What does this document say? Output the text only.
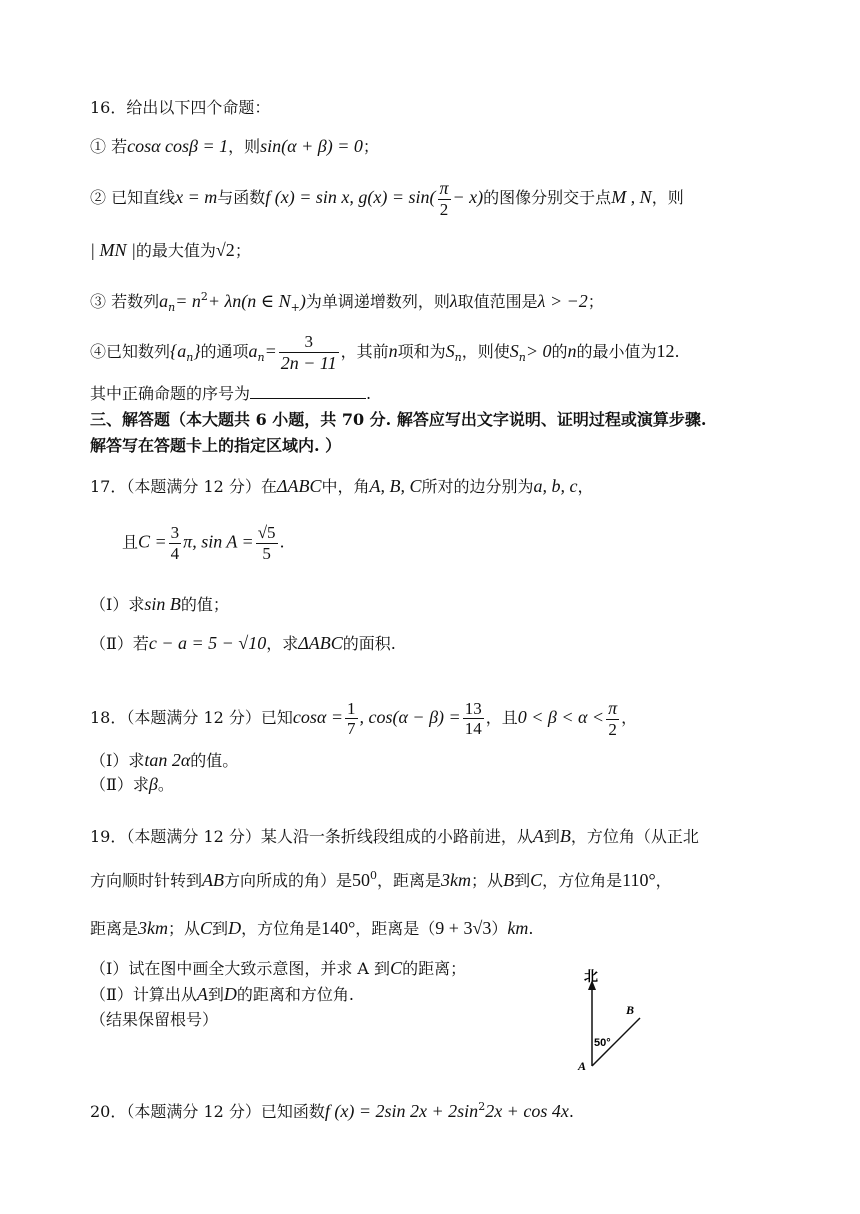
16．给出以下四个命题：
① 若cosα cosβ = 1，则sin(α + β) = 0；
② 已知直线x = m与函数f (x) = sin x, $g(x) = \sin( \frac{\pi}{2} - x)$的图像分别交于点M , N，则
| MN |的最大值为√2；
③ 若数列$a_n= n^2+ \lambda n(n$ ∈ $N_+$)为单调递增数列，则λ取值范围是λ > −2；
④已知数列$\{a_n\}$的通项$a_n= \frac{3}{2n - 11}$ ，其前n项和为$S_n$，则使$S_n> 0$的n的最小值为12.
其中正确命题的序号为	.
三、解答题（本大题共 6 小题，共 70 分. 解答应写出文字说明、证明过程或演算步骤.
解答写在答题卡上的指定区域内. ）
17．（本题满分 12 分）在ΔABC中，角A, B, C所对的边分别为a, b, c，
且$C = \frac{3}{4} \pi$, $\sin A = \frac{√5}{5}$ .
（Ⅰ）求sin B的值；
（Ⅱ）若c − a = 5 − √10，求ΔABC的面积.
18．（本题满分 12 分）已知$\cos\alpha = \frac{1}{7}$ , $\cos(\alpha - \beta) = \frac{13}{14}$ ，且$0 < \beta < \alpha < \frac{\pi}{2}$ ，
（Ⅰ）求tan 2α的值。
（Ⅱ）求β。
19．（本题满分 12 分）某人沿一条折线段组成的小路前进，从A到B，方位角（从正北
方向顺时针转到AB方向所成的角）是$50^0$，距离是3km；从B到C，方位角是110°，
距离是3km；从C到D，方位角是140°，距离是（9 + 3√3）km.
（Ⅰ）试在图中画全大致示意图，并求 A 到C的距离；
（Ⅱ）计算出从A到D的距离和方位角.
（结果保留根号）
北
B
A
50°
20．（本题满分 12 分）已知函数f (x) = 2sin $2x + 2\sin^22x + \cos 4x$.
